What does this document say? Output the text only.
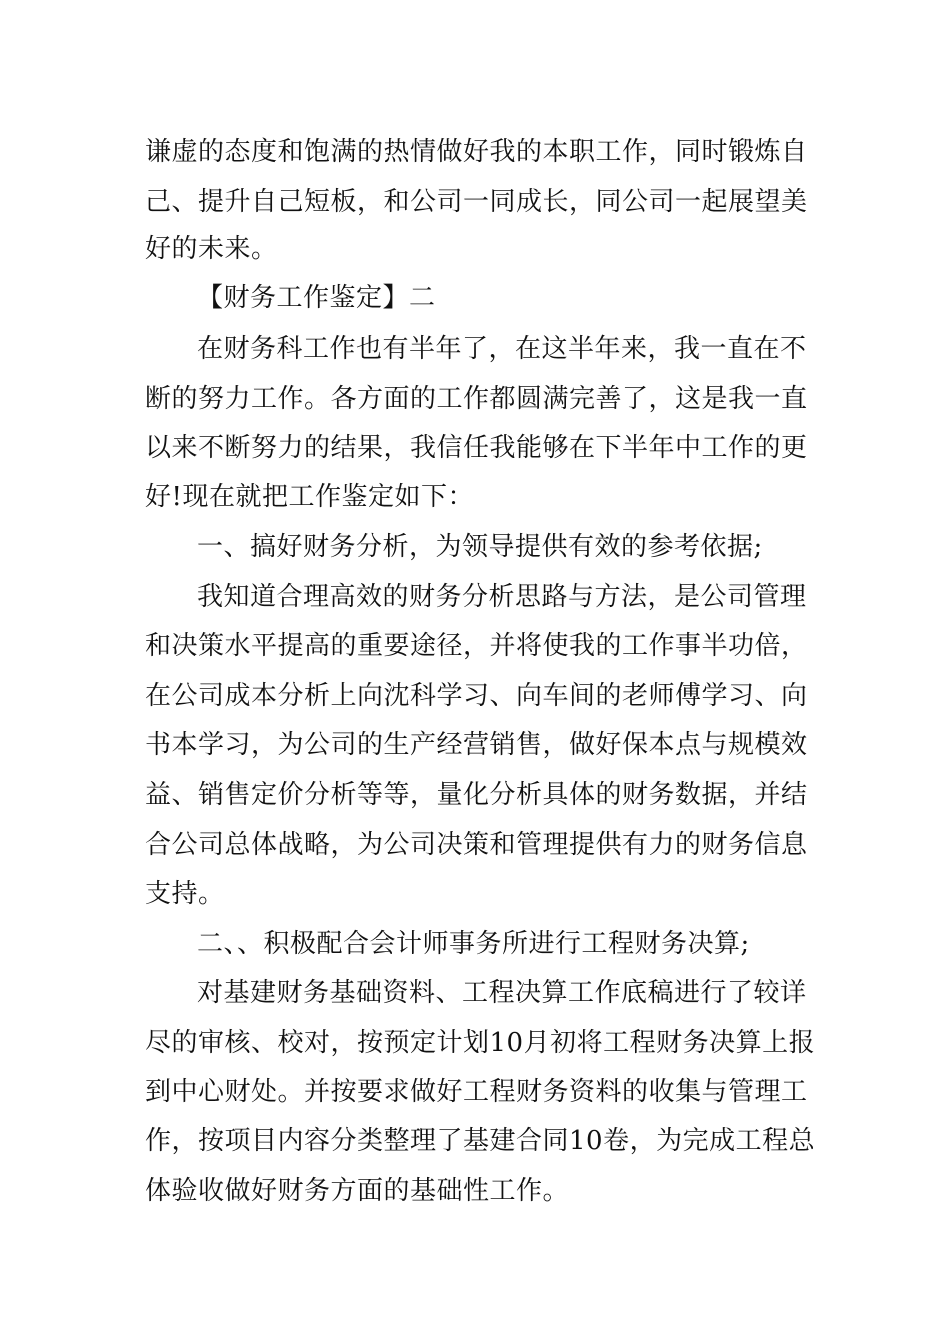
谦虚的态度和饱满的热情做好我的本职工作，同时锻炼自
己、提升自己短板，和公司一同成长，同公司一起展望美
好的未来。
【财务工作鉴定】二
在财务科工作也有半年了，在这半年来，我一直在不
断的努力工作。各方面的工作都圆满完善了，这是我一直
以来不断努力的结果，我信任我能够在下半年中工作的更
好!现在就把工作鉴定如下：
一、搞好财务分析，为领导提供有效的参考依据;
我知道合理高效的财务分析思路与方法，是公司管理
和决策水平提高的重要途径，并将使我的工作事半功倍，
在公司成本分析上向沈科学习、向车间的老师傅学习、向
书本学习，为公司的生产经营销售，做好保本点与规模效
益、销售定价分析等等，量化分析具体的财务数据，并结
合公司总体战略，为公司决策和管理提供有力的财务信息
支持。
二、、积极配合会计师事务所进行工程财务决算;
对基建财务基础资料、工程决算工作底稿进行了较详
尽的审核、校对，按预定计划10月初将工程财务决算上报
到中心财处。并按要求做好工程财务资料的收集与管理工
作，按项目内容分类整理了基建合同10卷，为完成工程总
体验收做好财务方面的基础性工作。
